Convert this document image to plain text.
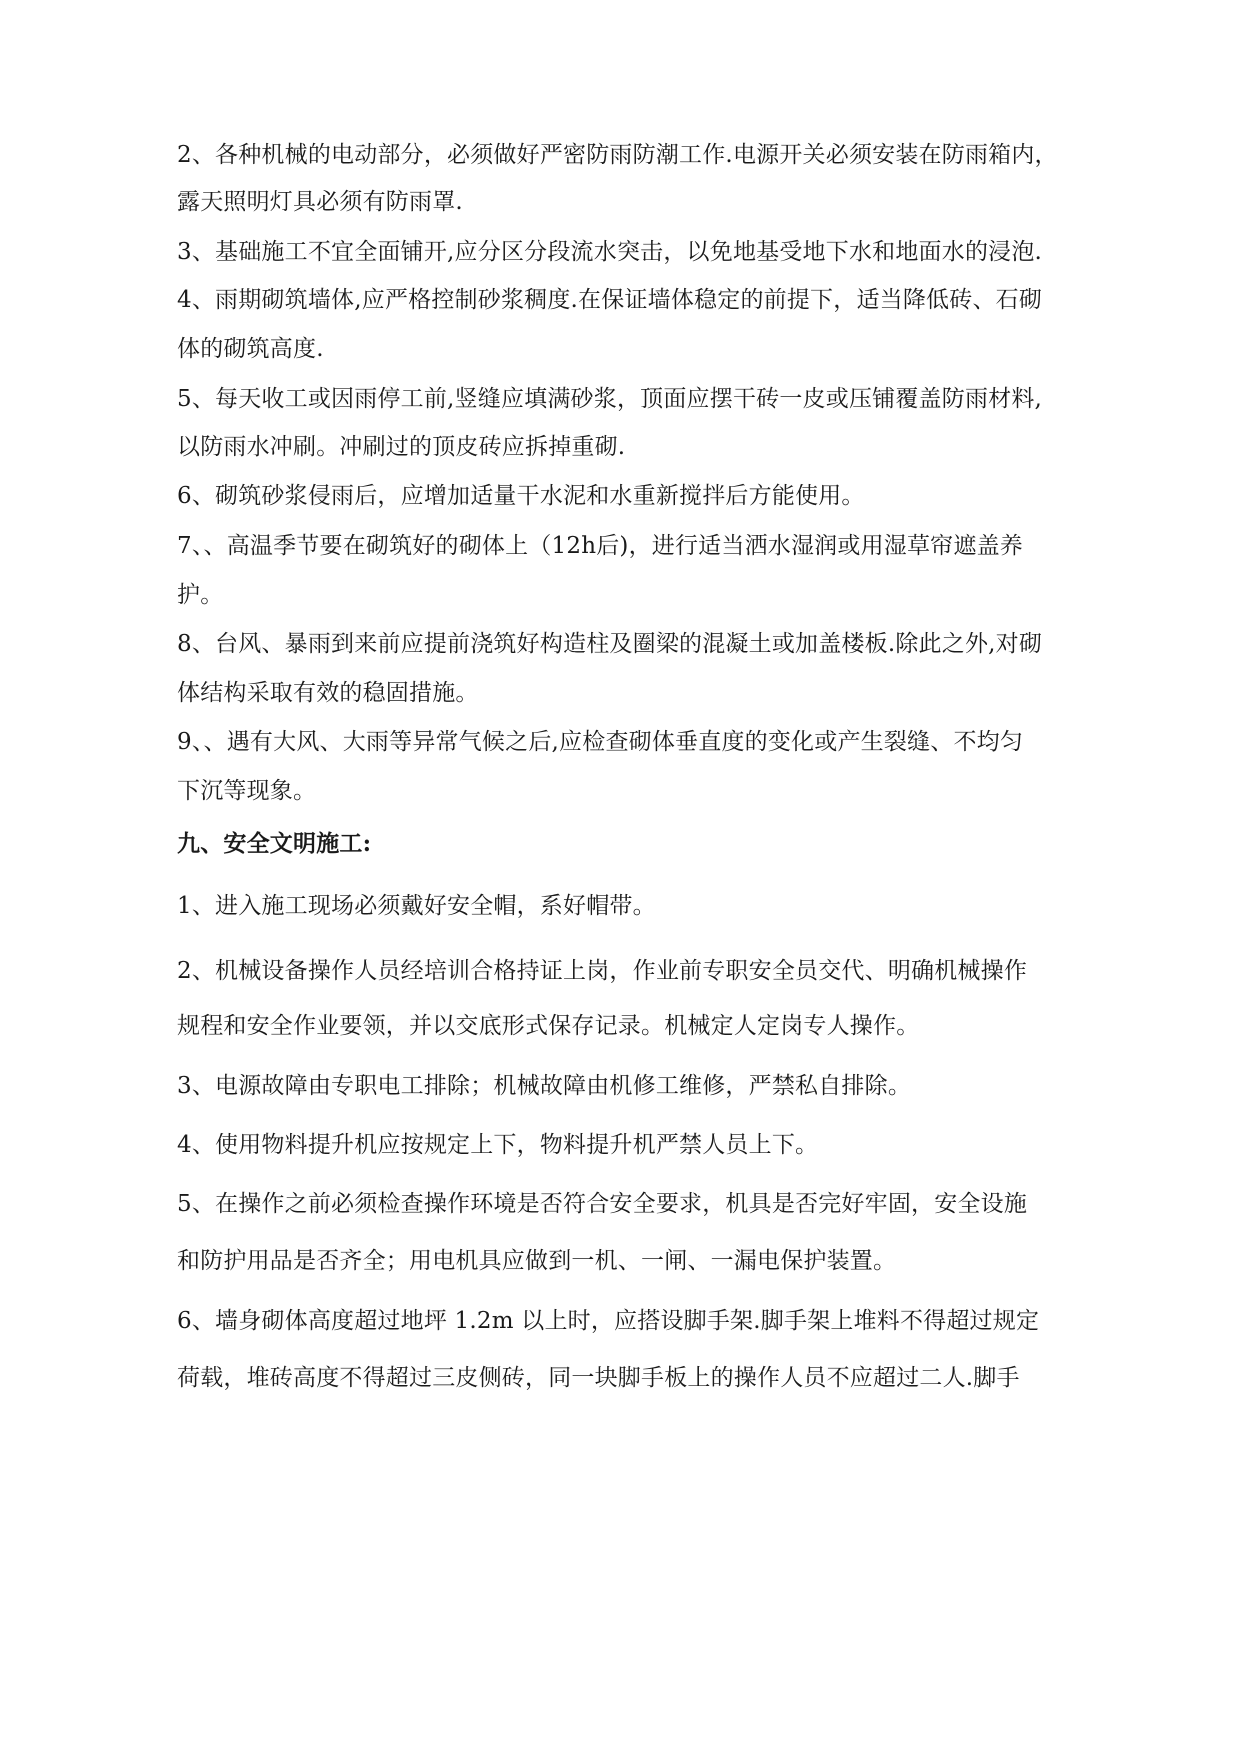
2、各种机械的电动部分，必须做好严密防雨防潮工作.电源开关必须安装在防雨箱内，
露天照明灯具必须有防雨罩.
3、基础施工不宜全面铺开,应分区分段流水突击，以免地基受地下水和地面水的浸泡.
4、雨期砌筑墙体,应严格控制砂浆稠度.在保证墙体稳定的前提下，适当降低砖、石砌
体的砌筑高度.
5、每天收工或因雨停工前,竖缝应填满砂浆，顶面应摆干砖一皮或压铺覆盖防雨材料,
以防雨水冲刷。冲刷过的顶皮砖应拆掉重砌.
6、砌筑砂浆侵雨后，应增加适量干水泥和水重新搅拌后方能使用。
7、、高温季节要在砌筑好的砌体上（12h后)，进行适当洒水湿润或用湿草帘遮盖养
护。
8、台风、暴雨到来前应提前浇筑好构造柱及圈梁的混凝土或加盖楼板.除此之外,对砌
体结构采取有效的稳固措施。
9、、遇有大风、大雨等异常气候之后,应检查砌体垂直度的变化或产生裂缝、不均匀
下沉等现象。
九、安全文明施工:
1、进入施工现场必须戴好安全帽，系好帽带。
2、机械设备操作人员经培训合格持证上岗，作业前专职安全员交代、明确机械操作
规程和安全作业要领，并以交底形式保存记录。机械定人定岗专人操作。
3、电源故障由专职电工排除；机械故障由机修工维修，严禁私自排除。
4、使用物料提升机应按规定上下，物料提升机严禁人员上下。
5、在操作之前必须检查操作环境是否符合安全要求，机具是否完好牢固，安全设施
和防护用品是否齐全；用电机具应做到一机、一闸、一漏电保护装置。
6、墙身砌体高度超过地坪 1.2m 以上时，应搭设脚手架.脚手架上堆料不得超过规定
荷载，堆砖高度不得超过三皮侧砖，同一块脚手板上的操作人员不应超过二人.脚手
